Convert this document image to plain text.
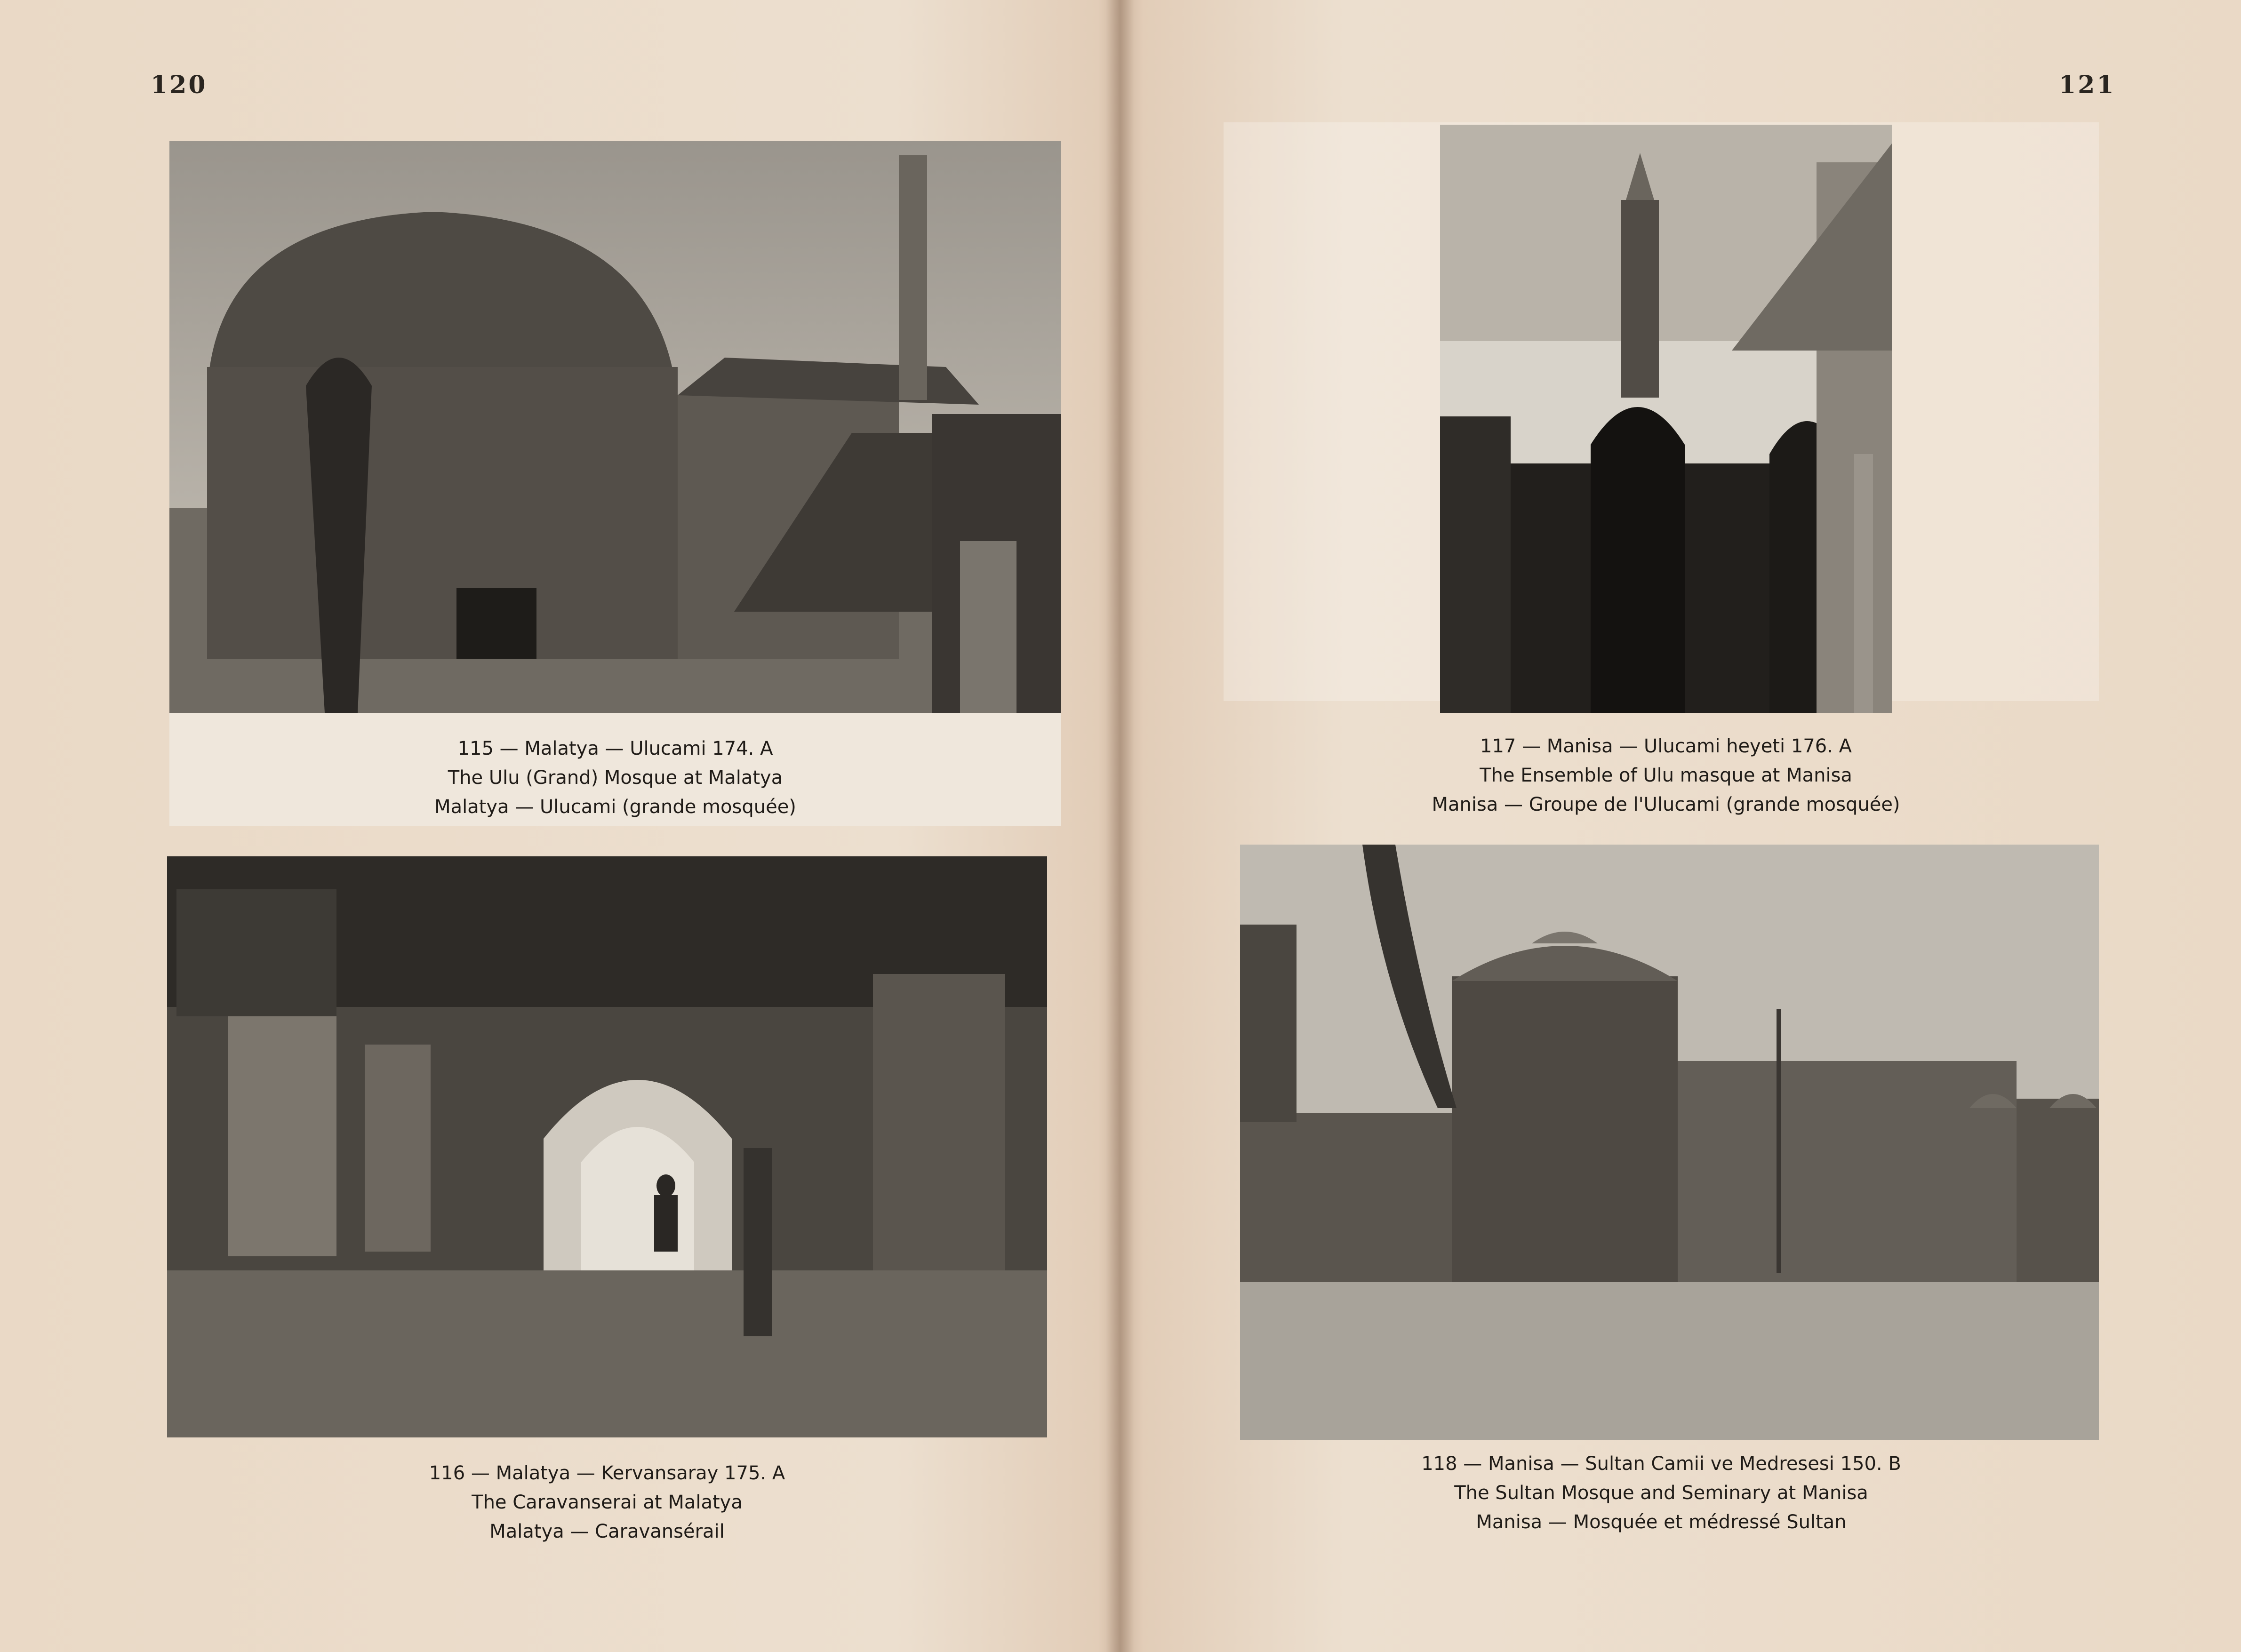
120	121
115 — Malatya — Ulucami 174. A
The Ulu (Grand) Mosque at Malatya
Malatya — Ulucami (grande mosquée)
116 — Malatya — Kervansaray 175. A
The Caravanserai at Malatya
Malatya — Caravansérail
117 — Manisa — Ulucami heyeti 176. A
The Ensemble of Ulu masque at Manisa
Manisa — Groupe de l'Ulucami (grande mosquée)
118 — Manisa — Sultan Camii ve Medresesi 150. B
The Sultan Mosque and Seminary at Manisa
Manisa — Mosquée et médressé Sultan
